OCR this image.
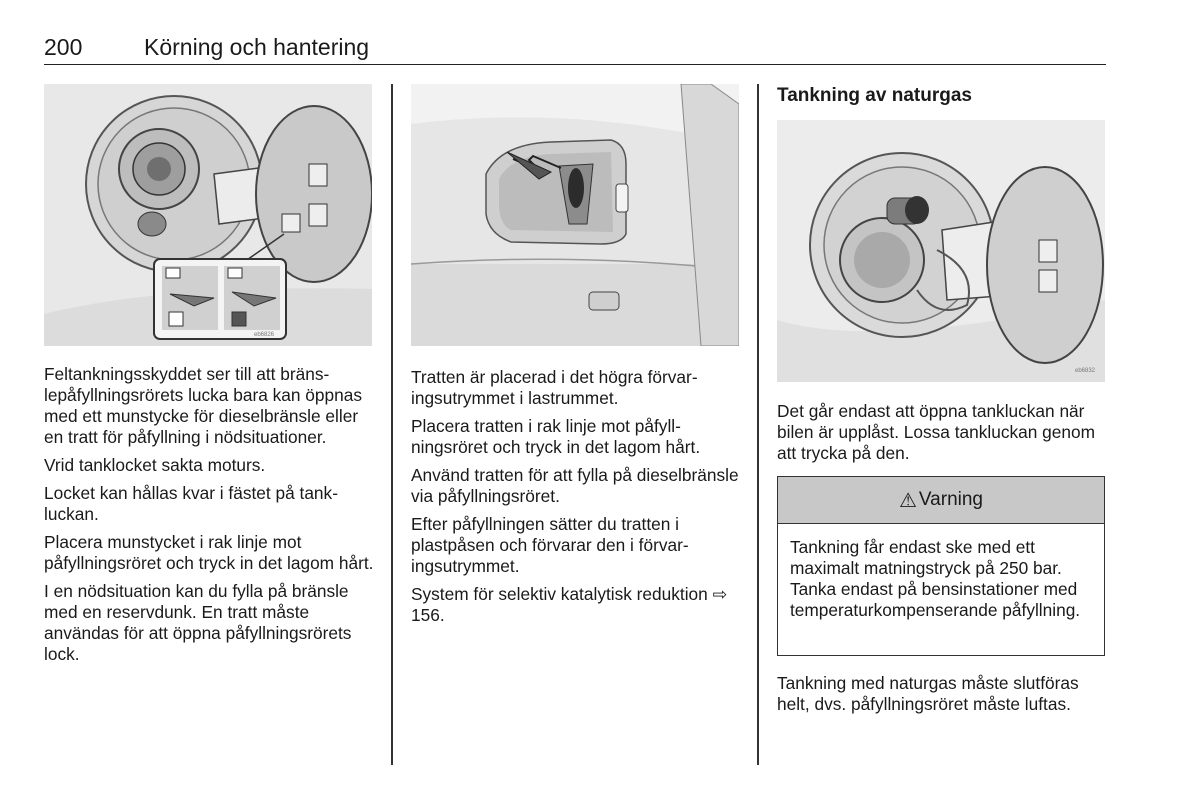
200	Körning och hantering
eb6826
eb6832

Feltankningsskyddet ser till att bränslepåfyllningsrörets lucka bara kan öppnas med ett munstycke för dieselbränsle eller en tratt för påfyllning i nödsituationer.

Vrid tanklocket sakta moturs.

Locket kan hållas kvar i fästet på tankluckan.

Placera munstycket i rak linje mot påfyllningsröret och tryck in det lagom hårt.

I en nödsituation kan du fylla på bränsle med en reservdunk. En tratt måste användas för att öppna påfyllningsrörets lock.

Tratten är placerad i det högra förvaringsutrymmet i lastrummet.

Placera tratten i rak linje mot påfyllningsröret och tryck in det lagom hårt.

Använd tratten för att fylla på dieselbränsle via påfyllningsröret.

Efter påfyllningen sätter du tratten i plastpåsen och förvarar den i förvaringsutrymmet.

System för selektiv katalytisk reduktion ⇨ 156.

Tankning av naturgas

Det går endast att öppna tankluckan när bilen är upplåst. Lossa tankluckan genom att trycka på den.

⚠ Varning
Tankning får endast ske med ett maximalt matningstryck på 250 bar. Tanka endast på bensinstationer med temperaturkompenserande påfyllning.

Tankning med naturgas måste slutföras helt, dvs. påfyllningsröret måste luftas.
